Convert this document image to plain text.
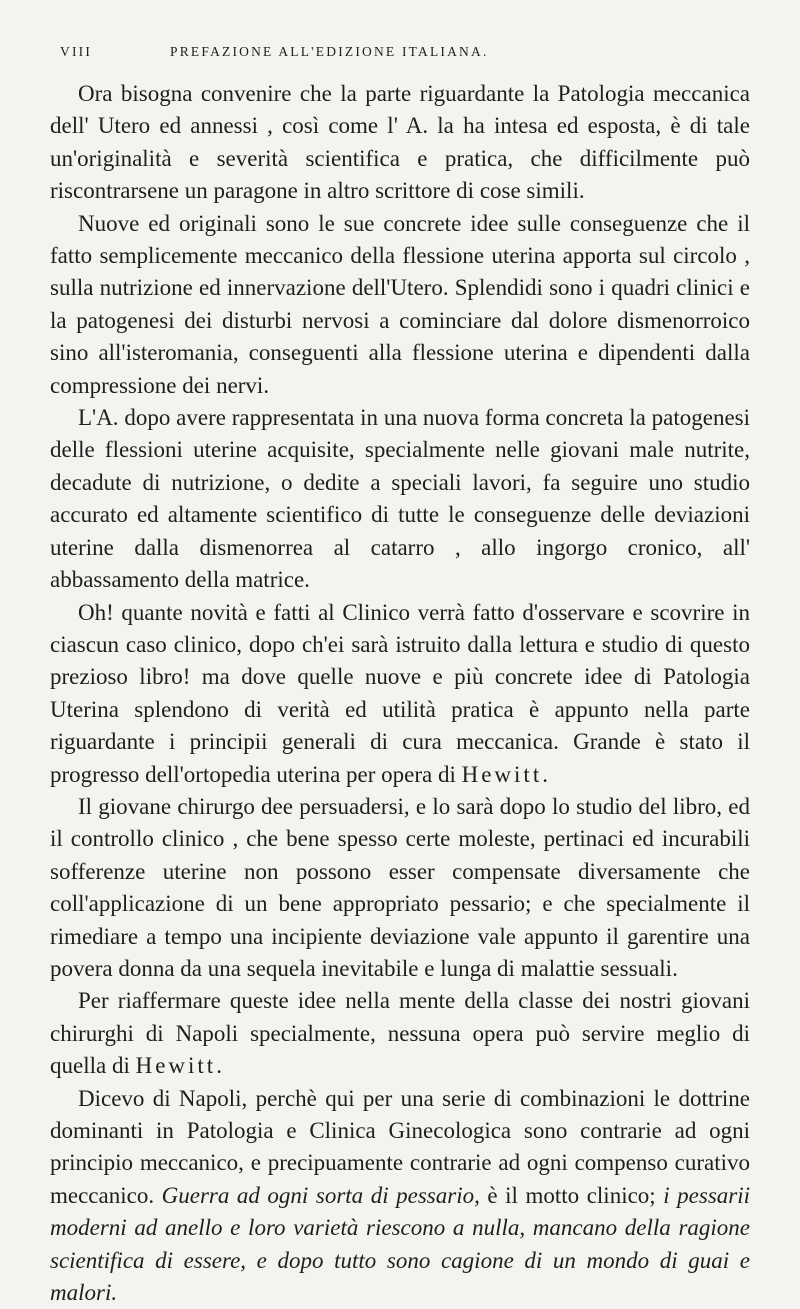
VIII	PREFAZIONE ALL'EDIZIONE ITALIANA.

Ora bisogna convenire che la parte riguardante la Patologia meccanica dell' Utero ed annessi , così come l' A. la ha intesa ed esposta, è di tale un'originalità e severità scientifica e pratica, che difficilmente può riscontrarsene un paragone in altro scrittore di cose simili.

Nuove ed originali sono le sue concrete idee sulle conseguenze che il fatto semplicemente meccanico della flessione uterina apporta sul circolo , sulla nutrizione ed innervazione dell'Utero. Splendidi sono i quadri clinici e la patogenesi dei disturbi nervosi a cominciare dal dolore dismenorroico sino all'isteromania, conseguenti alla flessione uterina e dipendenti dalla compressione dei nervi.

L'A. dopo avere rappresentata in una nuova forma concreta la patogenesi delle flessioni uterine acquisite, specialmente nelle giovani male nutrite, decadute di nutrizione, o dedite a speciali lavori, fa seguire uno studio accurato ed altamente scientifico di tutte le conseguenze delle deviazioni uterine dalla dismenorrea al catarro , allo ingorgo cronico, all' abbassamento della matrice.

Oh! quante novità e fatti al Clinico verrà fatto d'osservare e scovrire in ciascun caso clinico, dopo ch'ei sarà istruito dalla lettura e studio di questo prezioso libro! ma dove quelle nuove e più concrete idee di Patologia Uterina splendono di verità ed utilità pratica è appunto nella parte riguardante i principii generali di cura meccanica. Grande è stato il progresso dell'ortopedia uterina per opera di Hewitt.

Il giovane chirurgo dee persuadersi, e lo sarà dopo lo studio del libro, ed il controllo clinico , che bene spesso certe moleste, pertinaci ed incurabili sofferenze uterine non possono esser compensate diversamente che coll'applicazione di un bene appropriato pessario; e che specialmente il rimediare a tempo una incipiente deviazione vale appunto il garentire una povera donna da una sequela inevitabile e lunga di malattie sessuali.

Per riaffermare queste idee nella mente della classe dei nostri giovani chirurghi di Napoli specialmente, nessuna opera può servire meglio di quella di Hewitt.

Dicevo di Napoli, perchè qui per una serie di combinazioni le dottrine dominanti in Patologia e Clinica Ginecologica sono contrarie ad ogni principio meccanico, e precipuamente contrarie ad ogni compenso curativo meccanico. Guerra ad ogni sorta di pessario, è il motto clinico; i pessarii moderni ad anello e loro varietà riescono a nulla, mancano della ragione scientifica di essere, e dopo tutto sono cagione di un mondo di guai e malori.
